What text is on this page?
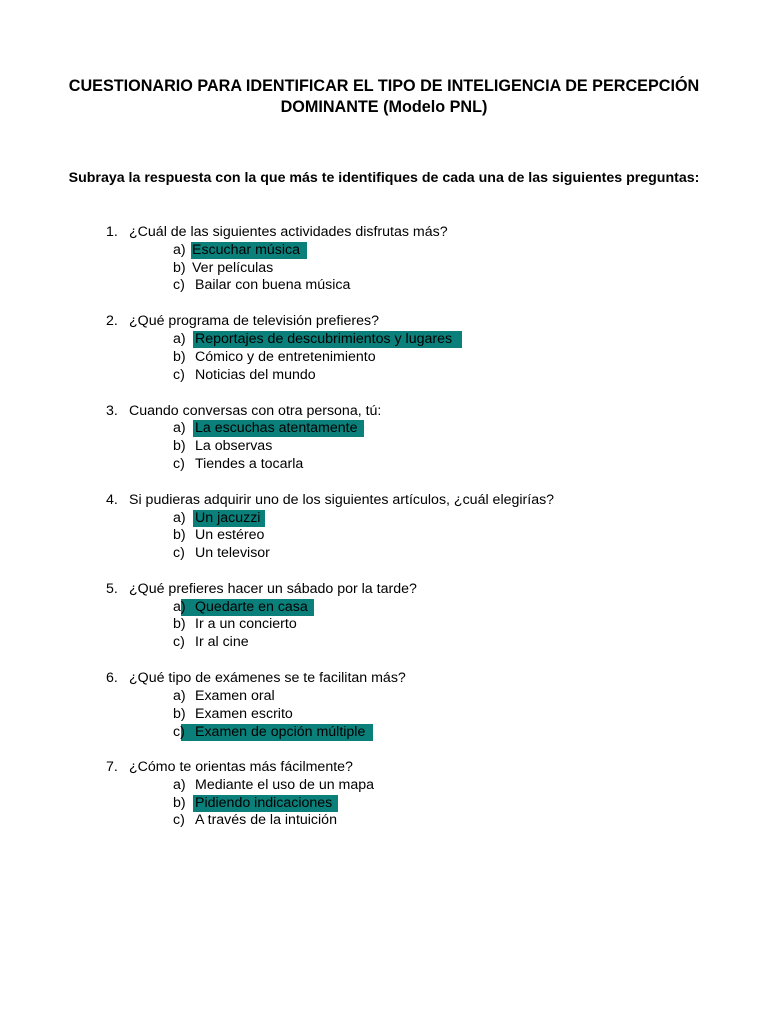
CUESTIONARIO PARA IDENTIFICAR EL TIPO DE INTELIGENCIA DE PERCEPCIÓN
DOMINANTE (Modelo PNL)
Subraya la respuesta con la que más te identifiques de cada una de las siguientes preguntas:
1. ¿Cuál de las siguientes actividades disfrutas más?
a) Escuchar música
b) Ver películas
c) Bailar con buena música
2. ¿Qué programa de televisión prefieres?
a) Reportajes de descubrimientos y lugares
b) Cómico y de entretenimiento
c) Noticias del mundo
3. Cuando conversas con otra persona, tú:
a) La escuchas atentamente
b) La observas
c) Tiendes a tocarla
4. Si pudieras adquirir uno de los siguientes artículos, ¿cuál elegirías?
a) Un jacuzzi
b) Un estéreo
c) Un televisor
5. ¿Qué prefieres hacer un sábado por la tarde?
a) Quedarte en casa
b) Ir a un concierto
c) Ir al cine
6. ¿Qué tipo de exámenes se te facilitan más?
a) Examen oral
b) Examen escrito
c) Examen de opción múltiple
7. ¿Cómo te orientas más fácilmente?
a) Mediante el uso de un mapa
b) Pidiendo indicaciones
c) A través de la intuición
